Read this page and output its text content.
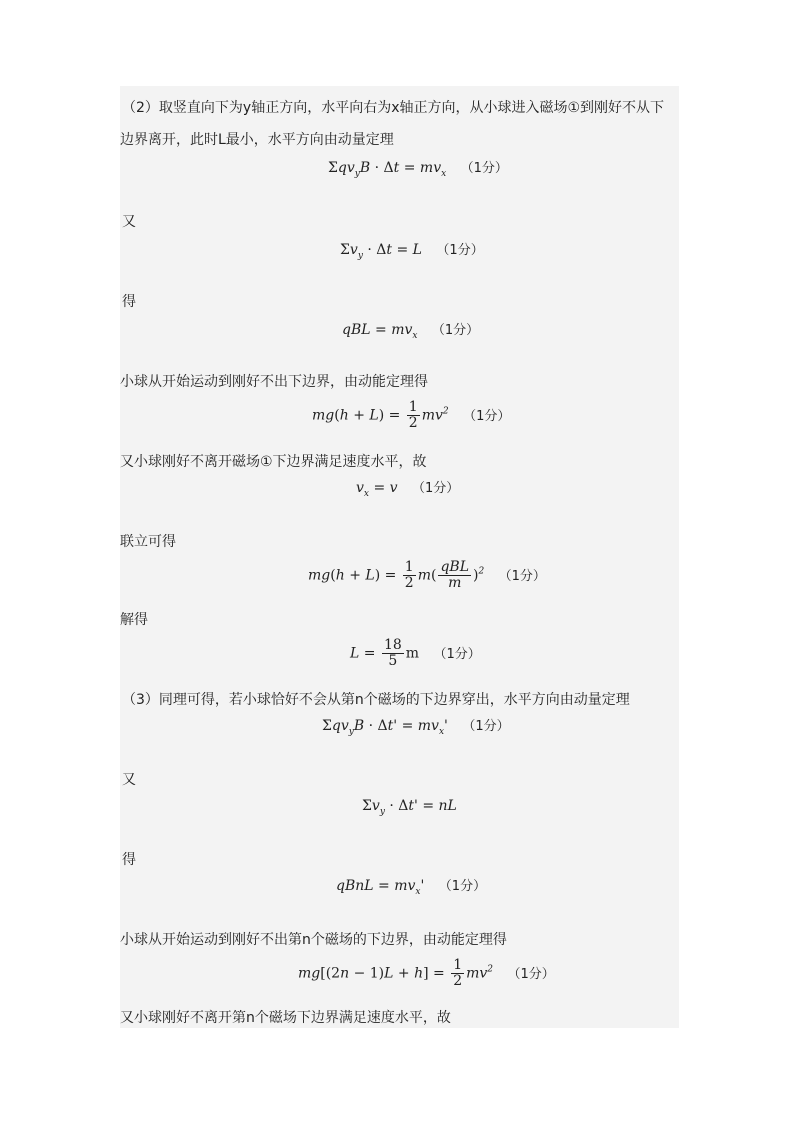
（2）取竖直向下为y轴正方向，水平向右为x轴正方向，从小球进入磁场①到刚好不从下
边界离开，此时L最小，水平方向由动量定理
$\Sigma qv_yB \cdot \Delta t = mv_x$ （1分）
又
$\Sigma v_y \cdot \Delta t = L$ （1分）
得
qBL = $mv_x$ （1分）
小球从开始运动到刚好不出下边界，由动能定理得
$mg(h + L) = \frac{1}{2} mv^2$ （1分）
又小球刚好不离开磁场①下边界满足速度水平，故
$v_x = v$ （1分）
联立可得
$mg(h + L) = \frac{1}{2} m( \frac{\text{qBL}}{m} )^2$ （1分）
解得
$L = \frac{18}{5}$ m （1分）
（3）同理可得，若小球恰好不会从第n个磁场的下边界穿出，水平方向由动量定理
$\Sigma qv_yB \cdot \Delta t' = mv_x'$ （1分）
又
$\Sigma v_y \cdot \Delta t'$ = nL
得
qBnL = $mv_x'$ （1分）
小球从开始运动到刚好不出第n个磁场的下边界，由动能定理得
$mg[(2n - 1)L + h] = \frac{1}{2} mv^2$ （1分）
又小球刚好不离开第n个磁场下边界满足速度水平，故
